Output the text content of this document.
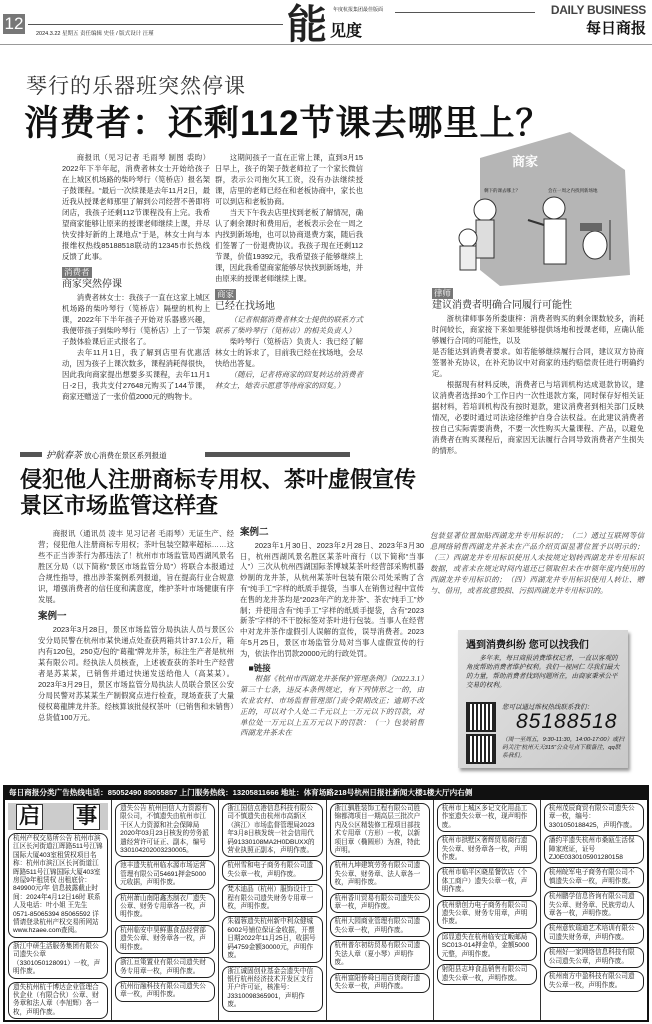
12
2024.3.22 星期五 责任编辑 史佳 / 版式设计 汪瑾	能 年度杭报集团最佳版面
见度
DAILY BUSINESS
每日商报
琴行的乐器班突然停课
消费者：还剩112节课去哪里上？

商报讯（见习记者 毛雨琴 制图 裘昀）2022年下半年起，消费者林女士开始给孩子在上城区机场路的柴吟琴行（笕桥店）报名架子鼓课程。“最后一次续课是去年11月2日，最近我从授课老师那里了解到公司经营不善即将闭店，我孩子还剩112节课程没有上完。我希望商家能够让原来的授课老师继续上课，并尽快安排好新的上课地点”于是，林女士向与本报维权热线85188518联动的12345市长热线反馈了此事。

消费者
商家突然停课

消费者林女士：我孩子一直在这家上城区机场路的柴吟琴行（笕桥店）隔壁的机构上课，2022年下半年孩子开始对乐器感兴趣，我便带孩子到柴吟琴行（笕桥店）上了一节架子鼓体验课后正式报名了。

去年11月1日，我了解到店里有优惠活动，因为孩子上课次数多，课程消耗得很快，因此我向商家提出想要多买课程，去年11月1日-2日，我共支付27648元购买了144节课，商家还赠送了一张价值2000元的购物卡。

这期间孩子一直在正常上课，直到3月15日早上，孩子的架子鼓老师拉了一个家长微信群，表示公司拖欠其工资，没有办法继续授课，店里的老师已经在和老板协商中，家长也可以到店和老板协商。

当天下午我去店里找到老板了解情况，确认了剩余课时和费用后，老板表示会在一周之内找到新场地，也可以协商退费方案，随后我们签署了一份退费协议。我孩子现在还剩112节课，价值19392元，我希望孩子能够继续上课，因此我希望商家能够尽快找到新场地，并由原来的授课老师继续上课。

商家
已经在找场地

（记者根据消费者林女士提供的联系方式联系了柴吟琴行（笕桥店）的相关负责人）

柴吟琴行（笕桥店）负责人：我已经了解林女士的诉求了，目前我已经在找场地，会尽快给出答复。

（随后，记者将商家的回复转达给消费者林女士，她表示愿意等待商家的回复。）

律师
建议消费者明确合同履行可能性

浙杭律师事务所娄康梓：消费者购买的剩余课数较多，消耗时间较长，商家接下来如果能够提供场地和授课老师，应确认能够履行合同的可能性，以及

是否能达到消费者要求。如若能够继续履行合同，建议双方协商签署补充协议，在补充协议中对商家的违约赔偿责任进行明确约定。

根据现有材料反映，消费者已与培训机构达成退款协议，建议消费者选择30个工作日内一次性退款方案，同时保存好相关证据材料，若培训机构没有按时退款，建议消费者到相关部门反映情况，必要时通过司法途径维护自身合法权益。在此建议消费者按自己实际需要消费，不要一次性购买大量课程、产品，以避免消费者在购买课程后，商家因无法履行合同导致消费者产生损失的情形。

商家
剩下的课去哪上？	会在一周之内找到新场地
护航春茶 放心消费在景区系列报道
侵犯他人注册商标专用权、茶叶虚假宣传
景区市场监管这样查

商报讯（通讯员 凌丰 见习记者 毛雨琴）无证生产、经营；侵犯他人注册商标专用权；茶叶包装空隙率超标……这些不正当涉茶行为都违法了！杭州市市场监管局西湖风景名胜区分局（以下简称“景区市场监管分局”）将联合本报通过合规性指导，推出涉茶案例系列报道，旨在提高行业合规意识，增强消费者的信任度和满意度，维护茶叶市场健康有序发展。

案例一

2023年3月28日，景区市场监管分局执法人员与景区公安分局民警在杭州市某快递点处查获两箱共计37.1公斤，箱内有120包，250克/包的“葛龍”牌龙井茶，标注生产者是杭州某有限公司。经执法人员核查，上述被查获的茶叶生产经营者是苏某某，已销售并通过快递发送给他人（高某某）。2023年3月29日，景区市场监管分局执法人员联合景区公安分局民警对苏某某生产制假窝点进行检查，现场查获了大量侵权葛龍牌龙井茶。经核算该批侵权茶叶（已销售和未销售）总货值100万元。

案例二

2023年1月30日、2023年2月28日、2023年3月30日，杭州西湖风景名胜区某茶叶商行（以下简称“当事人”）三次从杭州西湖国际茶博城某茶叶经营部采购机器炒制的龙井茶，从杭州某茶叶包装有限公司处采购了含有“纯手工”字样的纸质手提袋，当事人在销售过程中宣传在售的龙井茶均是“2023年产的龙井茶”、茶农“纯手工”炒制；并使用含有“纯手工”字样的纸质手提袋，含有“2023新茶”字样的不干胶标签对茶叶进行包装。当事人在经营中对龙井茶作虚假引人误解的宣传，误导消费者。2023年5月25日，景区市场监管分局对当事人虚假宣传的行为，依法作出罚款20000元的行政处罚。

■链接

根据《杭州市西湖龙井茶保护管理条例》（2022.3.1）第三十七条，违反本条例规定，有下列情形之一的，由农业农村、市场监督管理部门责令限期改正；逾期不改正的，可以对个人处二千元以上一万元以下的罚款，对单位处一万元以上五万元以下的罚款：（一）包装销售西湖龙井茶未在

包装显著位置加贴西湖龙井专用标识的；（二）通过互联网等信息网络销售西湖龙井茶未在产品介绍页面显著位置予以明示的；（三）西湖龙井专用标识使用人未按规定划转西湖龙井专用标识数据，或者未在规定时间内退还已领取但未在申领年度内使用的西湖龙井专用标识的；（四）西湖龙井专用标识使用人转让、赠与、借用，或者故意毁损、污损西湖龙井专用标识的。

遇到消费纠纷 您可以找我们

多年来，每日商报消费维权记者，一直以客观的角度帮助消费者维护权利。我们一视同仁 尽我们最大的力量，帮助消费者找到问题所在，由商家秉承公平交易的权利。

您可以通过维权热线联系我们：
85188518
（周一至周五，9:30-11:30，14:00-17:00）或扫码关注“杭州天天315”公众号点下载备注，qq联系我们。
每日商报分类广告热线电话：85052490 85055857 上门服务热线：13205811666 地址：体育场路218号杭州日报社新闻大楼1楼大厅内右侧
启 事
杭州产权交易所公告 杭州市滨江区长河街道江晖路511号江锦国际大厦403室租赁权项目名称：杭州市滨江区长河街道江晖路511号江锦国际大厦403室房屋9年租赁权 出租底价：849900元/年 信息披露截止时间：2024年4月12日16时 联系人及电话：叶小姐 王先生 0571-85065394 85065592 详情请登录杭州产权交易所网站www.hzaee.com查阅。
浙江中研生活服务集团有限公司遗失公章（3301050128091）一枚，声明作废。
遗失杭州杭千博达企业管理合伙企业（有限合伙）公章、财务章和法人章（李旭辉）各一枚，声明作废。
遗失公告 杭州回信人力资源有限公司，不慎遗失由杭州市江干区人力资源和社会保障局2020年03月23日核发的劳务派遣经营许可证正、副本，编号330104202003230005。
池丰遗失杭州临水源市场运营管理有限公司54691押金5000元收据，声明作废。
杭州萧山南阳鑫杰制衣厂遗失公章、财务专用章各一枚，声明作废。
杭州临安申昊鲜惠食品经营部遗失公章、财务章各一枚，声明作废。
浙江亘策置业有限公司遗失财务专用章一枚，声明作废。
杭州衍融科技有限公司遗失公章一枚，声明作废。
浙江国信点港信息科技有限公司不慎遗失由杭州市高新区（滨江）市场监督管理局2023年3月8日核发统一社会信用代码91330108MA2H0DBUXX的营业执照正副本，声明作废。
杭州雪和电子商务有限公司遗失公章一枚，声明作废。
梵木迪品（杭州）服饰设计工程有限公司遗失财务专用章一枚，声明作废。
朱福蓉遗失杭州新中利众健城6002号铺位保证金收据，开票日期2022年11月25日，收据号码4759金额30000元，声明作废。
浙江诚固创业基金会遗失中信银行杭州经济技术开发区支行开户许可证，核准号：J3310098365901，声明作废。
浙江驷胜装饰工程有限公司胜锦都湾项目一期高层三批次户内及公区精装修工程项目部技术专用章（方形）一枚，以新项目章（椭圆形）为准，特此声明。
杭州九坤建筑劳务有限公司遗失公章、财务章、法人章各一枚，声明作废。
杭州香川贸易有限公司遗失公章一枚，声明作废。
杭州大园商业管理有限公司遗失公章一枚，声明作废。
杭州普尔初纺贸易有限公司遗失法人章（夏小琴）声明作废。
杭州富阳侨舜日用百货商行遗失公章一枚，声明作废。
杭州市上城区多记文化用品工作室遗失公章一枚，现声明作废。
杭州市拱墅区奢辉贸易商行遗失公章、财务章各一枚，声明作废。
杭州市临平区晓星餐饮店（个体工商户）遗失公章一枚，声明作废。
杭州鼎创力电子商务有限公司遗失公章、财务专用章，声明作废。
邱显遗失在杭州临安宜畈邮局SC013-014押金单，金额5000元整，声明作废。
射阳县志坤食品销售有限公司遗失公章一枚，声明作废。
杭州茂辰商贸有限公司遗失公章一枚，编号：3301050188425，声明作废。
潘约平遗失杭州市桑瓯生活保障家庭证，证号ZJ0E0330105901280158
杭州皖军电子商务有限公司不慎遗失公章一枚，声明作废。
杭州鹏学信息咨询有限公司遗失公章、财务章、民族劳动人章各一枚，声明作废。
杭州意钦瑞迪艺术培训有限公司遗失财务章，声明作废。
杭州好一家网络信息科技有限公司遗失公章，声明作废。
杭州南方中盈科技有限公司遗失公章一枚，声明作废。
